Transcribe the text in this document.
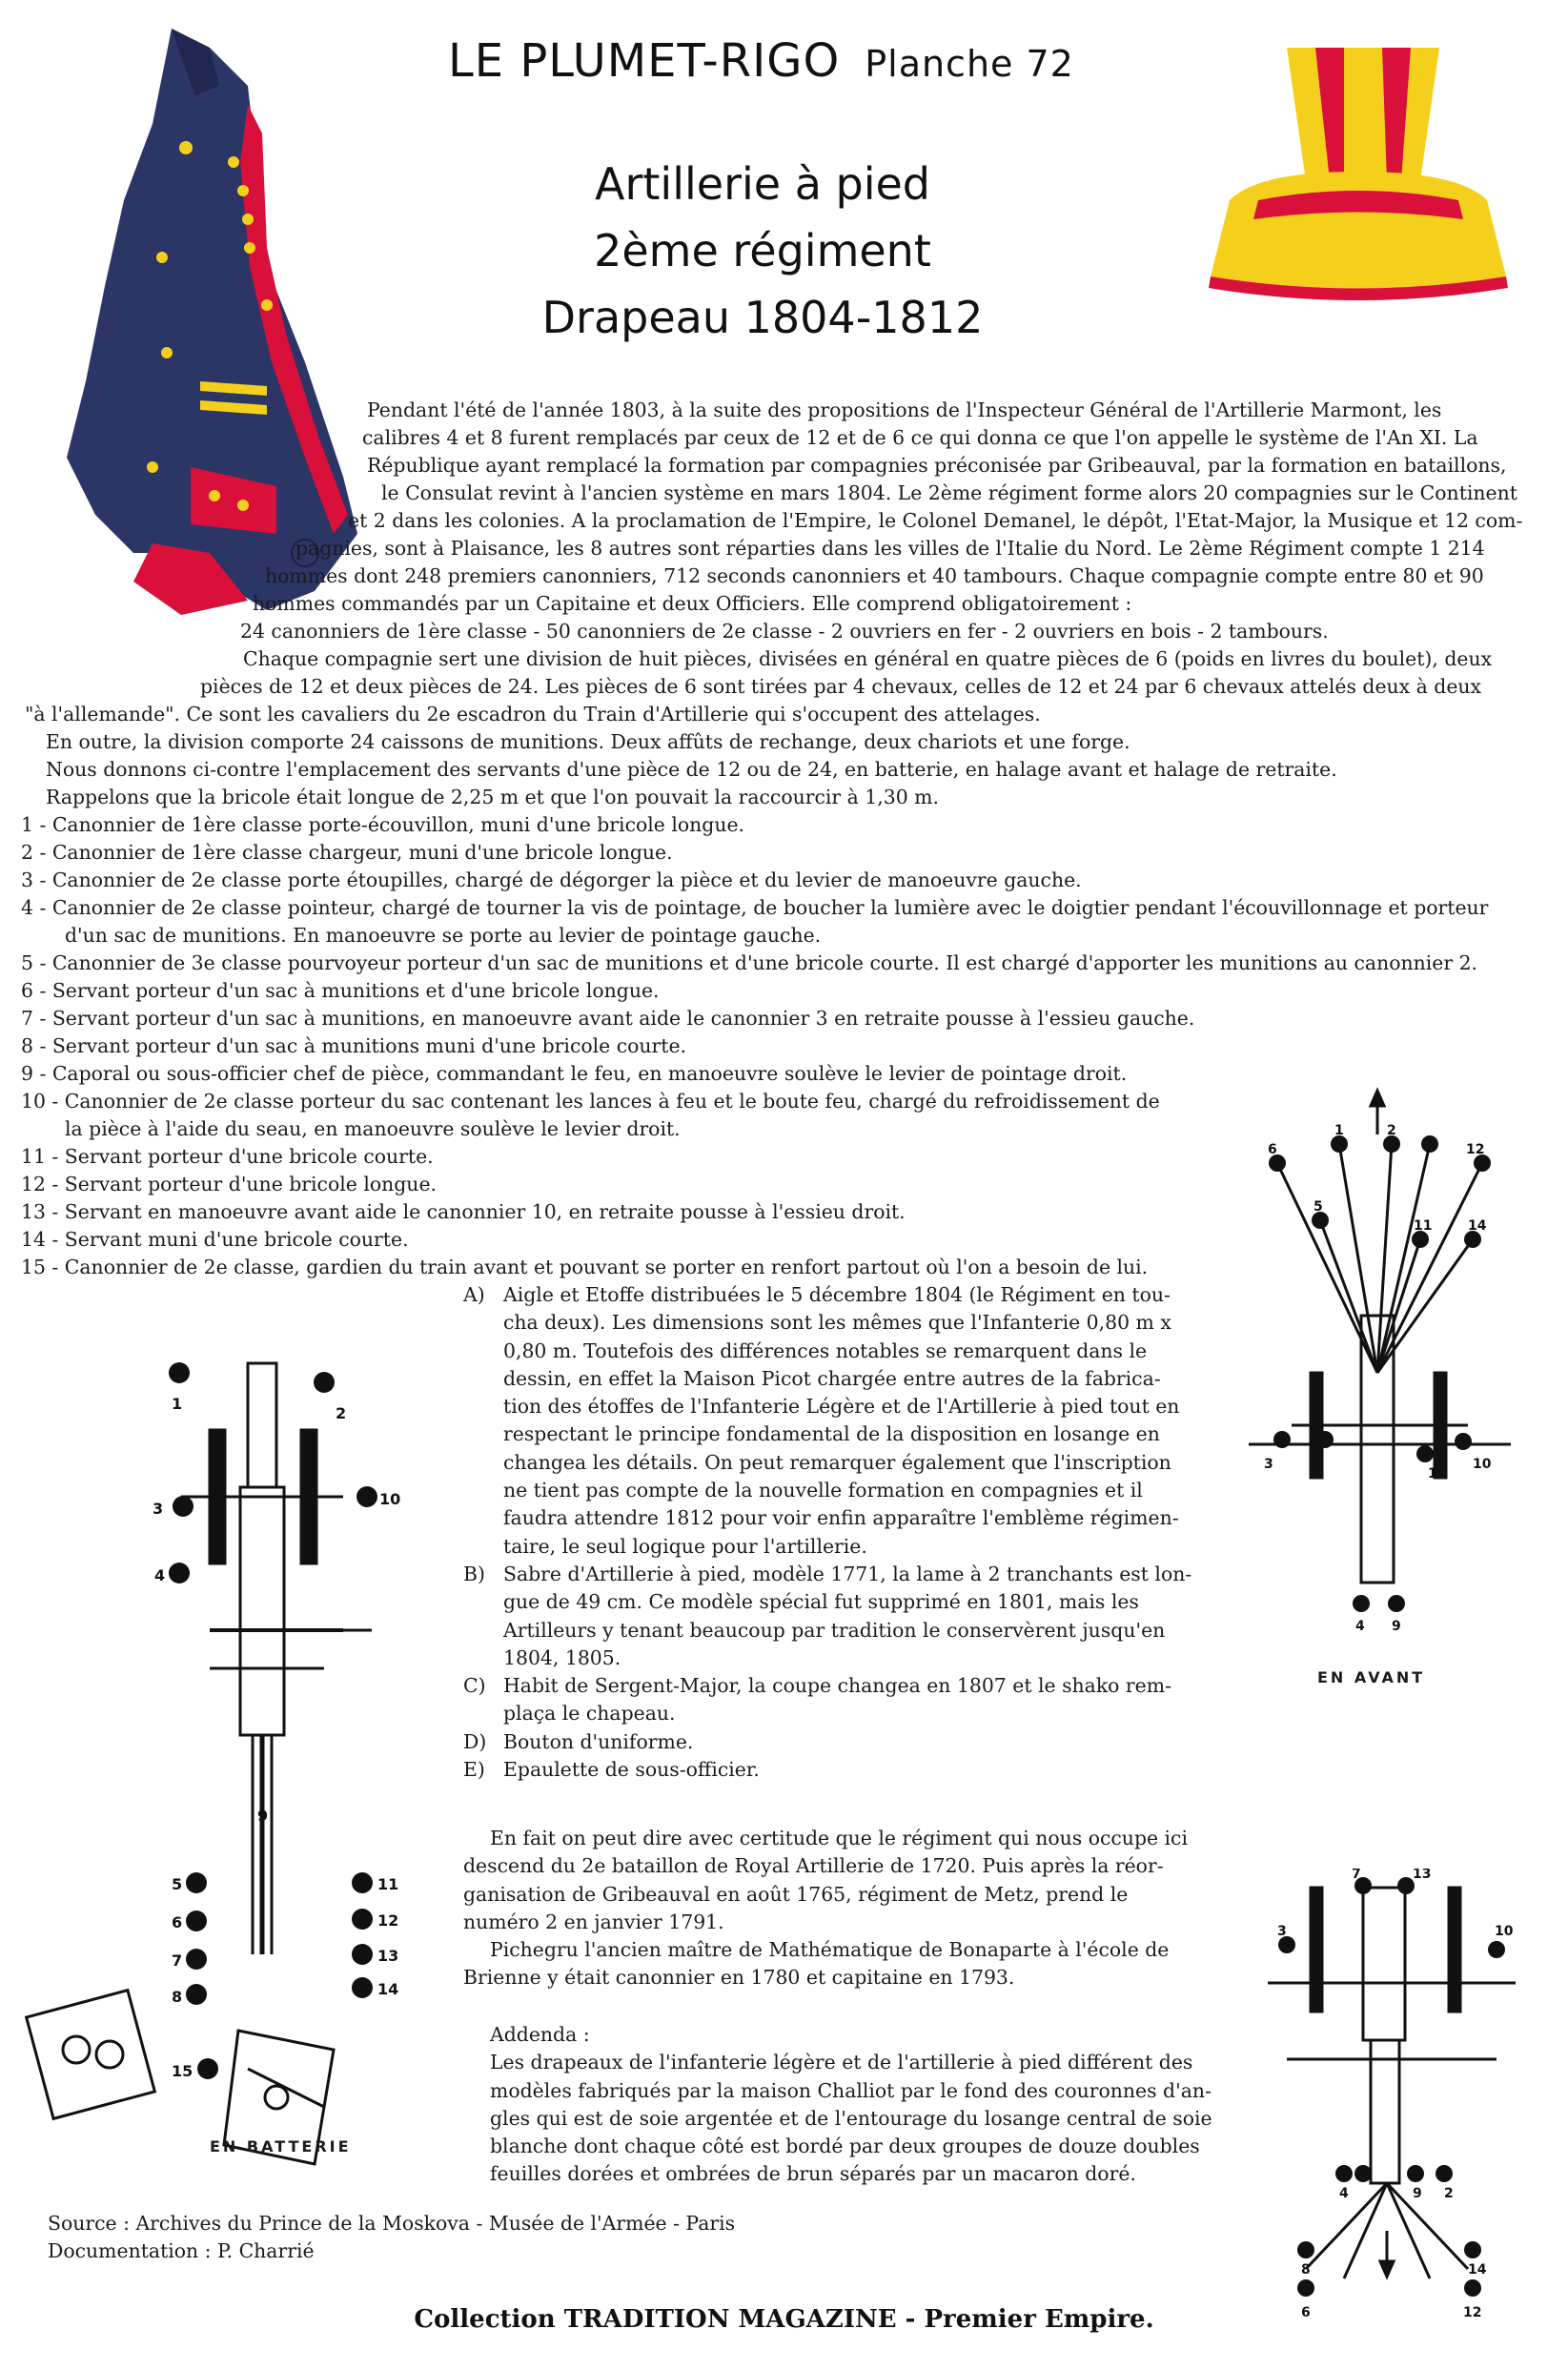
LE PLUMET-RIGO Planche 72
Artillerie à pied
2ème régiment
Drapeau 1804-1812
Pendant l'été de l'année 1803, à la suite des propositions de l'Inspecteur Général de l'Artillerie Marmont, les
calibres 4 et 8 furent remplacés par ceux de 12 et de 6 ce qui donna ce que l'on appelle le système de l'An XI. La
République ayant remplacé la formation par compagnies préconisée par Gribeauval, par la formation en bataillons,
le Consulat revint à l'ancien système en mars 1804. Le 2ème régiment forme alors 20 compagnies sur le Continent
et 2 dans les colonies. A la proclamation de l'Empire, le Colonel Demanel, le dépôt, l'Etat-Major, la Musique et 12 com-
pagnies, sont à Plaisance, les 8 autres sont réparties dans les villes de l'Italie du Nord. Le 2ème Régiment compte 1 214
hommes dont 248 premiers canonniers, 712 seconds canonniers et 40 tambours. Chaque compagnie compte entre 80 et 90
hommes commandés par un Capitaine et deux Officiers. Elle comprend obligatoirement :
24 canonniers de 1ère classe - 50 canonniers de 2e classe - 2 ouvriers en fer - 2 ouvriers en bois - 2 tambours.
Chaque compagnie sert une division de huit pièces, divisées en général en quatre pièces de 6 (poids en livres du boulet), deux
pièces de 12 et deux pièces de 24. Les pièces de 6 sont tirées par 4 chevaux, celles de 12 et 24 par 6 chevaux attelés deux à deux
"à l'allemande". Ce sont les cavaliers du 2e escadron du Train d'Artillerie qui s'occupent des attelages.
En outre, la division comporte 24 caissons de munitions. Deux affûts de rechange, deux chariots et une forge.
Nous donnons ci-contre l'emplacement des servants d'une pièce de 12 ou de 24, en batterie, en halage avant et halage de retraite.
Rappelons que la bricole était longue de 2,25 m et que l'on pouvait la raccourcir à 1,30 m.
1 - Canonnier de 1ère classe porte-écouvillon, muni d'une bricole longue.
2 - Canonnier de 1ère classe chargeur, muni d'une bricole longue.
3 - Canonnier de 2e classe porte étoupilles, chargé de dégorger la pièce et du levier de manoeuvre gauche.
4 - Canonnier de 2e classe pointeur, chargé de tourner la vis de pointage, de boucher la lumière avec le doigtier pendant l'écouvillonnage et porteur
d'un sac de munitions. En manoeuvre se porte au levier de pointage gauche.
5 - Canonnier de 3e classe pourvoyeur porteur d'un sac de munitions et d'une bricole courte. Il est chargé d'apporter les munitions au canonnier 2.
6 - Servant porteur d'un sac à munitions et d'une bricole longue.
7 - Servant porteur d'un sac à munitions, en manoeuvre avant aide le canonnier 3 en retraite pousse à l'essieu gauche.
8 - Servant porteur d'un sac à munitions muni d'une bricole courte.
9 - Caporal ou sous-officier chef de pièce, commandant le feu, en manoeuvre soulève le levier de pointage droit.
10 - Canonnier de 2e classe porteur du sac contenant les lances à feu et le boute feu, chargé du refroidissement de
la pièce à l'aide du seau, en manoeuvre soulève le levier droit.
11 - Servant porteur d'une bricole courte.
12 - Servant porteur d'une bricole longue.
13 - Servant en manoeuvre avant aide le canonnier 10, en retraite pousse à l'essieu droit.
14 - Servant muni d'une bricole courte.
15 - Canonnier de 2e classe, gardien du train avant et pouvant se porter en renfort partout où l'on a besoin de lui.
A) Aigle et Etoffe distribuées le 5 décembre 1804 (le Régiment en tou-
cha deux). Les dimensions sont les mêmes que l'Infanterie 0,80 m x
0,80 m. Toutefois des différences notables se remarquent dans le
dessin, en effet la Maison Picot chargée entre autres de la fabrica-
tion des étoffes de l'Infanterie Légère et de l'Artillerie à pied tout en
respectant le principe fondamental de la disposition en losange en
changea les détails. On peut remarquer également que l'inscription
ne tient pas compte de la nouvelle formation en compagnies et il
faudra attendre 1812 pour voir enfin apparaître l'emblème régimen-
taire, le seul logique pour l'artillerie.
B) Sabre d'Artillerie à pied, modèle 1771, la lame à 2 tranchants est lon-
gue de 49 cm. Ce modèle spécial fut supprimé en 1801, mais les
Artilleurs y tenant beaucoup par tradition le conservèrent jusqu'en
1804, 1805.
C) Habit de Sergent-Major, la coupe changea en 1807 et le shako rem-
plaça le chapeau.
D) Bouton d'uniforme.
E) Epaulette de sous-officier.
En fait on peut dire avec certitude que le régiment qui nous occupe ici
descend du 2e bataillon de Royal Artillerie de 1720. Puis après la réor-
ganisation de Gribeauval en août 1765, régiment de Metz, prend le
numéro 2 en janvier 1791.
Pichegru l'ancien maître de Mathématique de Bonaparte à l'école de
Brienne y était canonnier en 1780 et capitaine en 1793.
Addenda :
Les drapeaux de l'infanterie légère et de l'artillerie à pied différent des
modèles fabriqués par la maison Challiot par le fond des couronnes d'an-
gles qui est de soie argentée et de l'entourage du losange central de soie
blanche dont chaque côté est bordé par deux groupes de douze doubles
feuilles dorées et ombrées de brun séparés par un macaron doré.
Source : Archives du Prince de la Moskova - Musée de l'Armée - Paris
Documentation : P. Charrié
Collection TRADITION MAGAZINE - Premier Empire.
1
2
3
10
4
9
5
6
7
8
11
12
13
14
15
EN BATTERIE
6
1	2
12
5
11	14
3	7
13
10
4 9
EN AVANT
7	13
3	10
4	9 2
8	14
6	12
